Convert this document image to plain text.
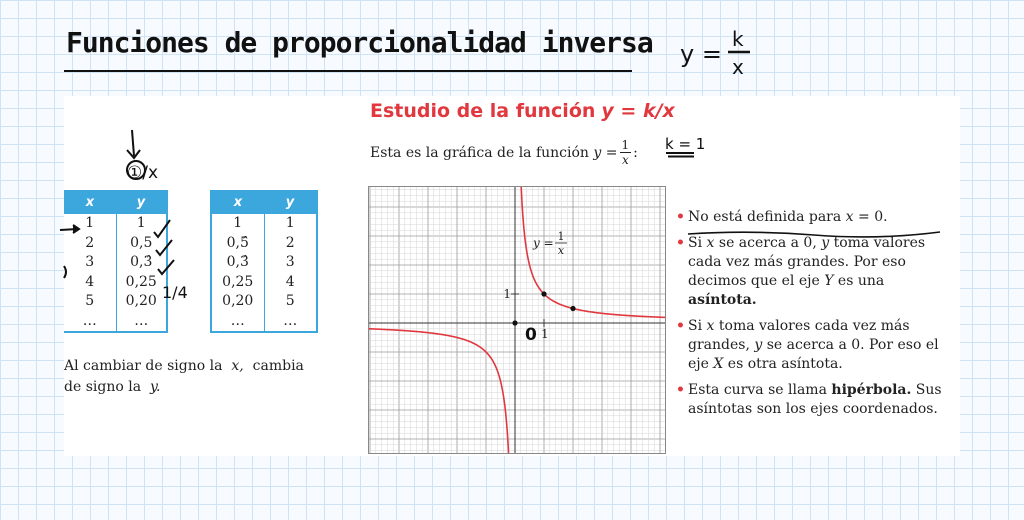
Funciones de proporcionalidad inversa y =
k
x
Estudio de la función y = k/x
Esta es la gráfica de la función
y
= $\frac{1}{x}$ : k = 1
①/x
x	y
1	1
2	0,5
3	0,3̂
4	0,25
5	0,20
…	…
x	y
1	1
0,5̂	2
0,3̂	3
0,25	4
0,20	5
…	…
1/4
Al cambiar de signo la x, cambia de signo la y.
1
1
y = 1
x
0
• No está definida para x = 0.
• Si x se acerca a 0, y toma valores cada vez más grandes. Por eso decimos que el eje Y es una asíntota.
• Si x toma valores cada vez más grandes, y se acerca a 0. Por eso el eje X es otra asíntota.
• Esta curva se llama hipérbola. Sus asíntotas son los ejes coordenados.
